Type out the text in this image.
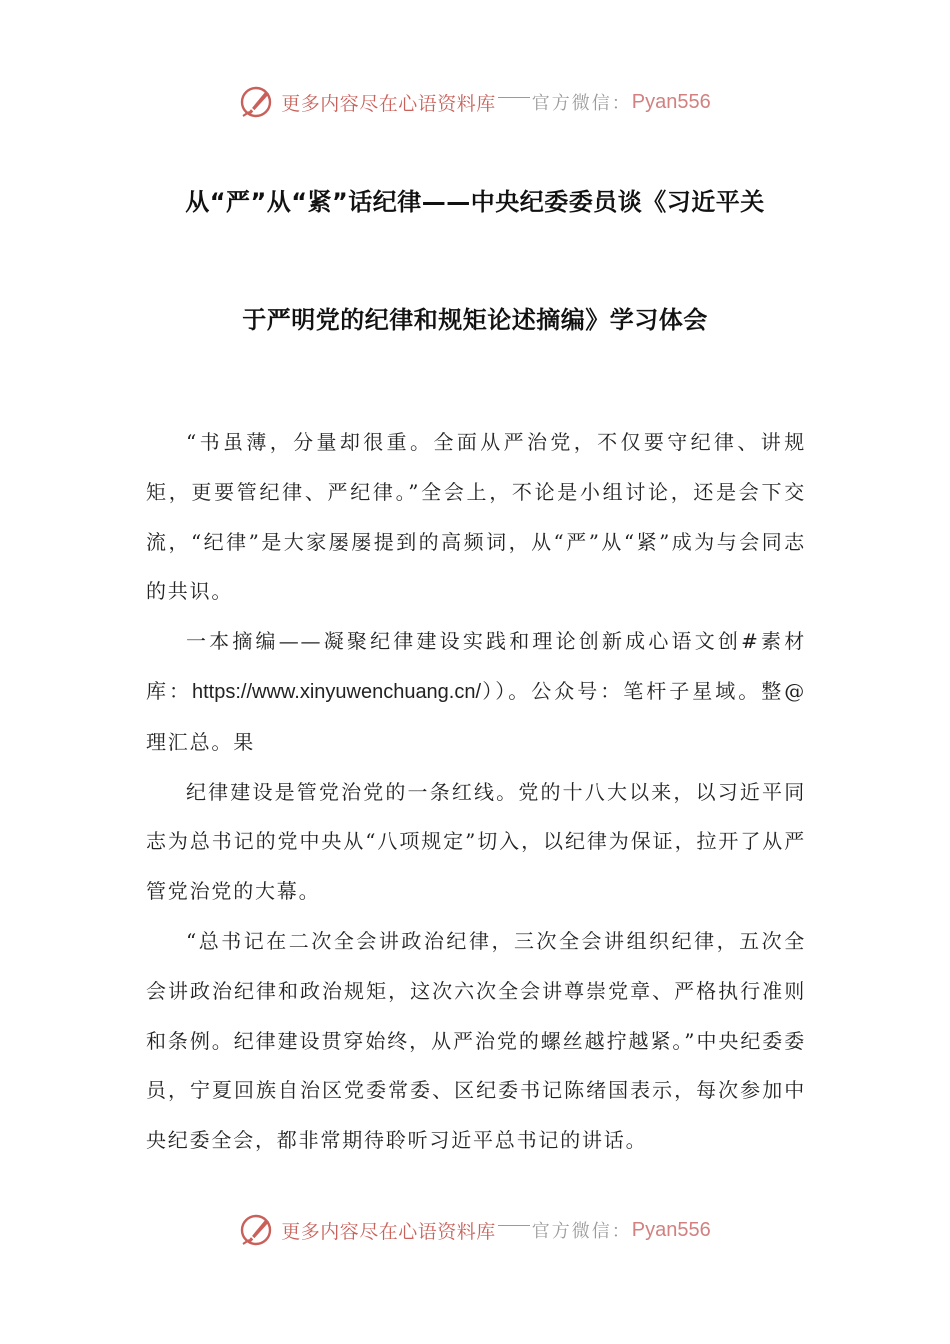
更多内容尽在心语资料库 官方微信： Pyan556
从“严”从“紧”话纪律——中央纪委委员谈《习近平关
于严明党的纪律和规矩论述摘编》学习体会

“书虽薄，分量却很重。全面从严治党，不仅要守纪律、讲规矩，更要管纪律、严纪律。”全会上，不论是小组讨论，还是会下交流，“纪律”是大家屡屡提到的高频词，从“严”从“紧”成为与会同志的共识。

一本摘编——凝聚纪律建设实践和理论创新成心语文创#素材库：https://www.xinyuwenchuang.cn/））。公众号：笔杆子星域。整@理汇总。果

纪律建设是管党治党的一条红线。党的十八大以来，以习近平同志为总书记的党中央从“八项规定”切入，以纪律为保证，拉开了从严管党治党的大幕。

“总书记在二次全会讲政治纪律，三次全会讲组织纪律，五次全会讲政治纪律和政治规矩，这次六次全会讲尊崇党章、严格执行准则和条例。纪律建设贯穿始终，从严治党的螺丝越拧越紧。”中央纪委委员，宁夏回族自治区党委常委、区纪委书记陈绪国表示，每次参加中央纪委全会，都非常期待聆听习近平总书记的讲话。

更多内容尽在心语资料库 官方微信： Pyan556
